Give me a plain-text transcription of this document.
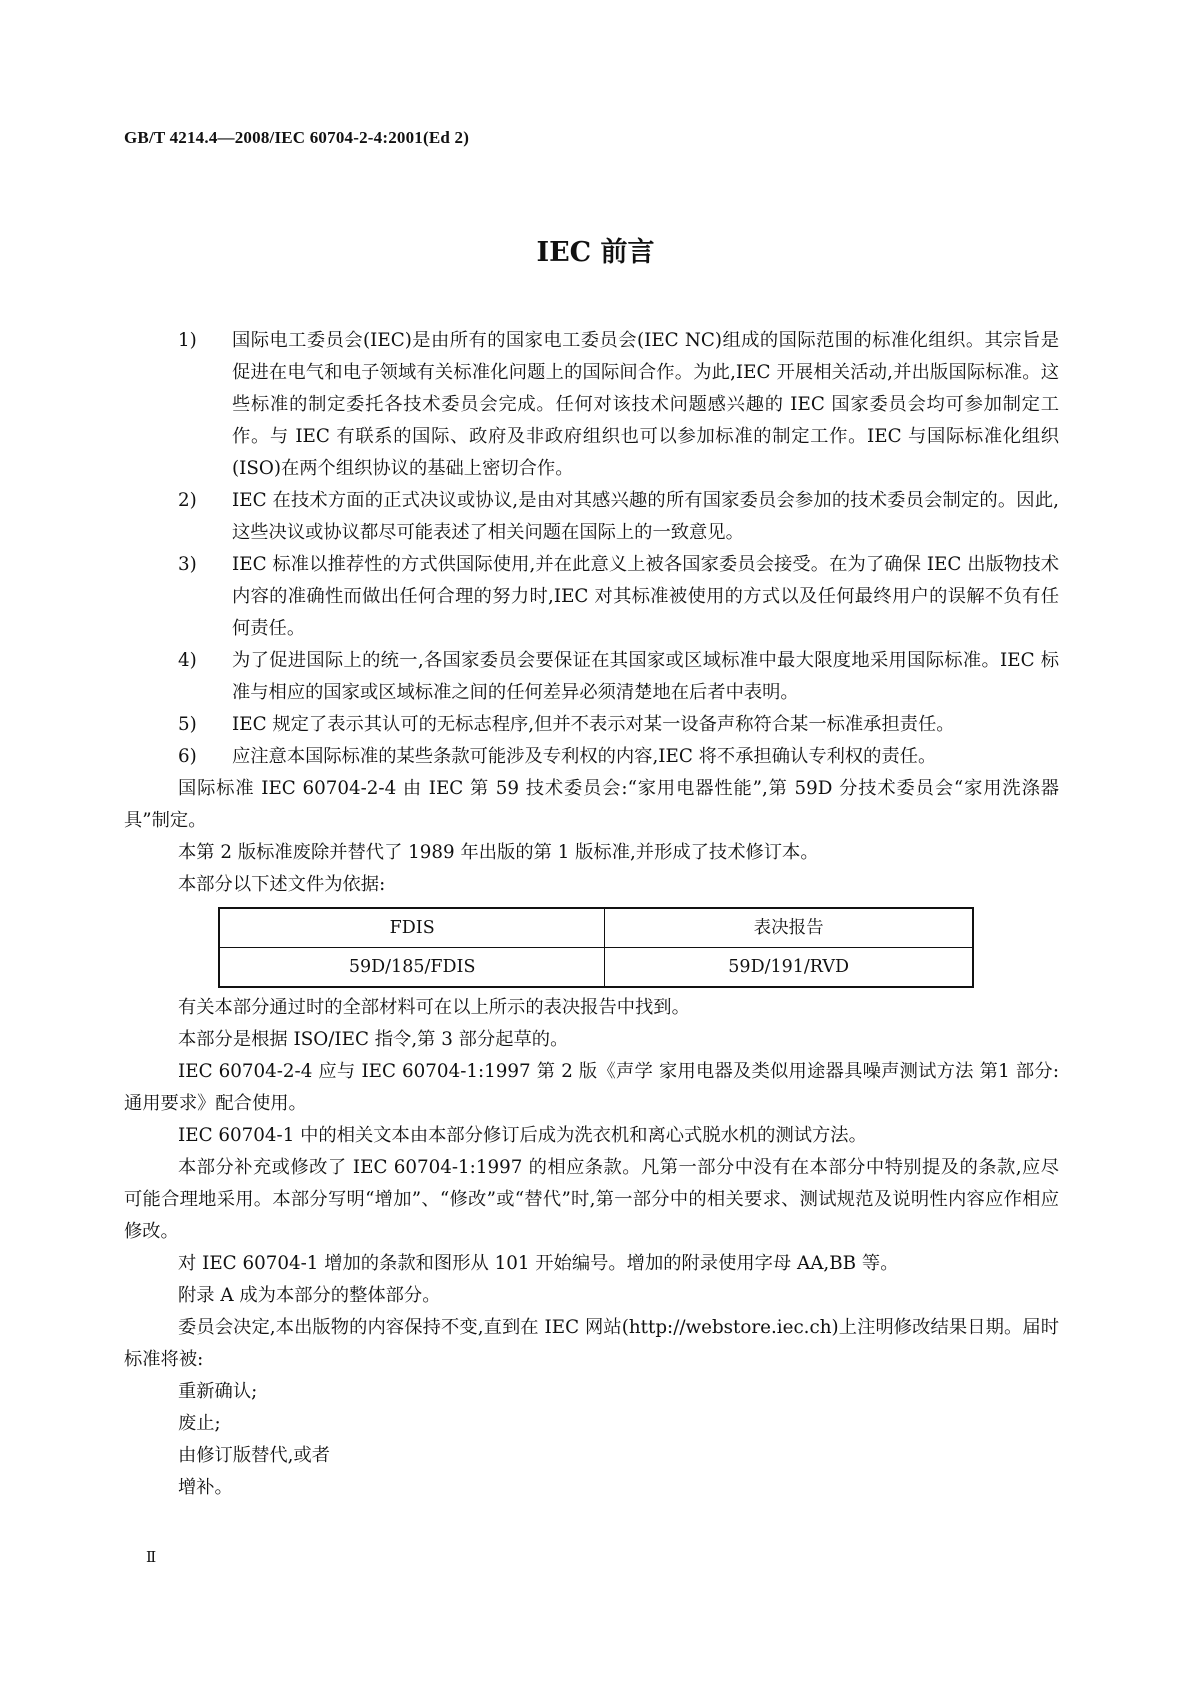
GB/T 4214.4—2008/IEC 60704-2-4:2001(Ed 2)
IEC 前言
1)	国际电工委员会(IEC)是由所有的国家电工委员会(IEC NC)组成的国际范围的标准化组织。其宗旨是促进在电气和电子领域有关标准化问题上的国际间合作。为此,IEC 开展相关活动,并出版国际标准。这些标准的制定委托各技术委员会完成。任何对该技术问题感兴趣的 IEC 国家委员会均可参加制定工作。与 IEC 有联系的国际、政府及非政府组织也可以参加标准的制定工作。IEC 与国际标准化组织(ISO)在两个组织协议的基础上密切合作。
2)	IEC 在技术方面的正式决议或协议,是由对其感兴趣的所有国家委员会参加的技术委员会制定的。因此,这些决议或协议都尽可能表述了相关问题在国际上的一致意见。
3)	IEC 标准以推荐性的方式供国际使用,并在此意义上被各国家委员会接受。在为了确保 IEC 出版物技术内容的准确性而做出任何合理的努力时,IEC 对其标准被使用的方式以及任何最终用户的误解不负有任何责任。
4)	为了促进国际上的统一,各国家委员会要保证在其国家或区域标准中最大限度地采用国际标准。IEC 标准与相应的国家或区域标准之间的任何差异必须清楚地在后者中表明。
5)	IEC 规定了表示其认可的无标志程序,但并不表示对某一设备声称符合某一标准承担责任。
6)	应注意本国际标准的某些条款可能涉及专利权的内容,IEC 将不承担确认专利权的责任。

国际标准 IEC 60704-2-4 由 IEC 第 59 技术委员会:“家用电器性能”,第 59D 分技术委员会“家用洗涤器具”制定。

本第 2 版标准废除并替代了 1989 年出版的第 1 版标准,并形成了技术修订本。

本部分以下述文件为依据:

FDIS	表决报告
59D/185/FDIS	59D/191/RVD

有关本部分通过时的全部材料可在以上所示的表决报告中找到。

本部分是根据 ISO/IEC 指令,第 3 部分起草的。

IEC 60704-2-4 应与 IEC 60704-1:1997 第 2 版《声学 家用电器及类似用途器具噪声测试方法 第1 部分:通用要求》配合使用。

IEC 60704-1 中的相关文本由本部分修订后成为洗衣机和离心式脱水机的测试方法。

本部分补充或修改了 IEC 60704-1:1997 的相应条款。凡第一部分中没有在本部分中特别提及的条款,应尽可能合理地采用。本部分写明“增加”、“修改”或“替代”时,第一部分中的相关要求、测试规范及说明性内容应作相应修改。

对 IEC 60704-1 增加的条款和图形从 101 开始编号。增加的附录使用字母 AA,BB 等。

附录 A 成为本部分的整体部分。

委员会决定,本出版物的内容保持不变,直到在 IEC 网站(http://webstore.iec.ch)上注明修改结果日期。届时标准将被:

重新确认;

废止;

由修订版替代,或者

增补。

Ⅱ
